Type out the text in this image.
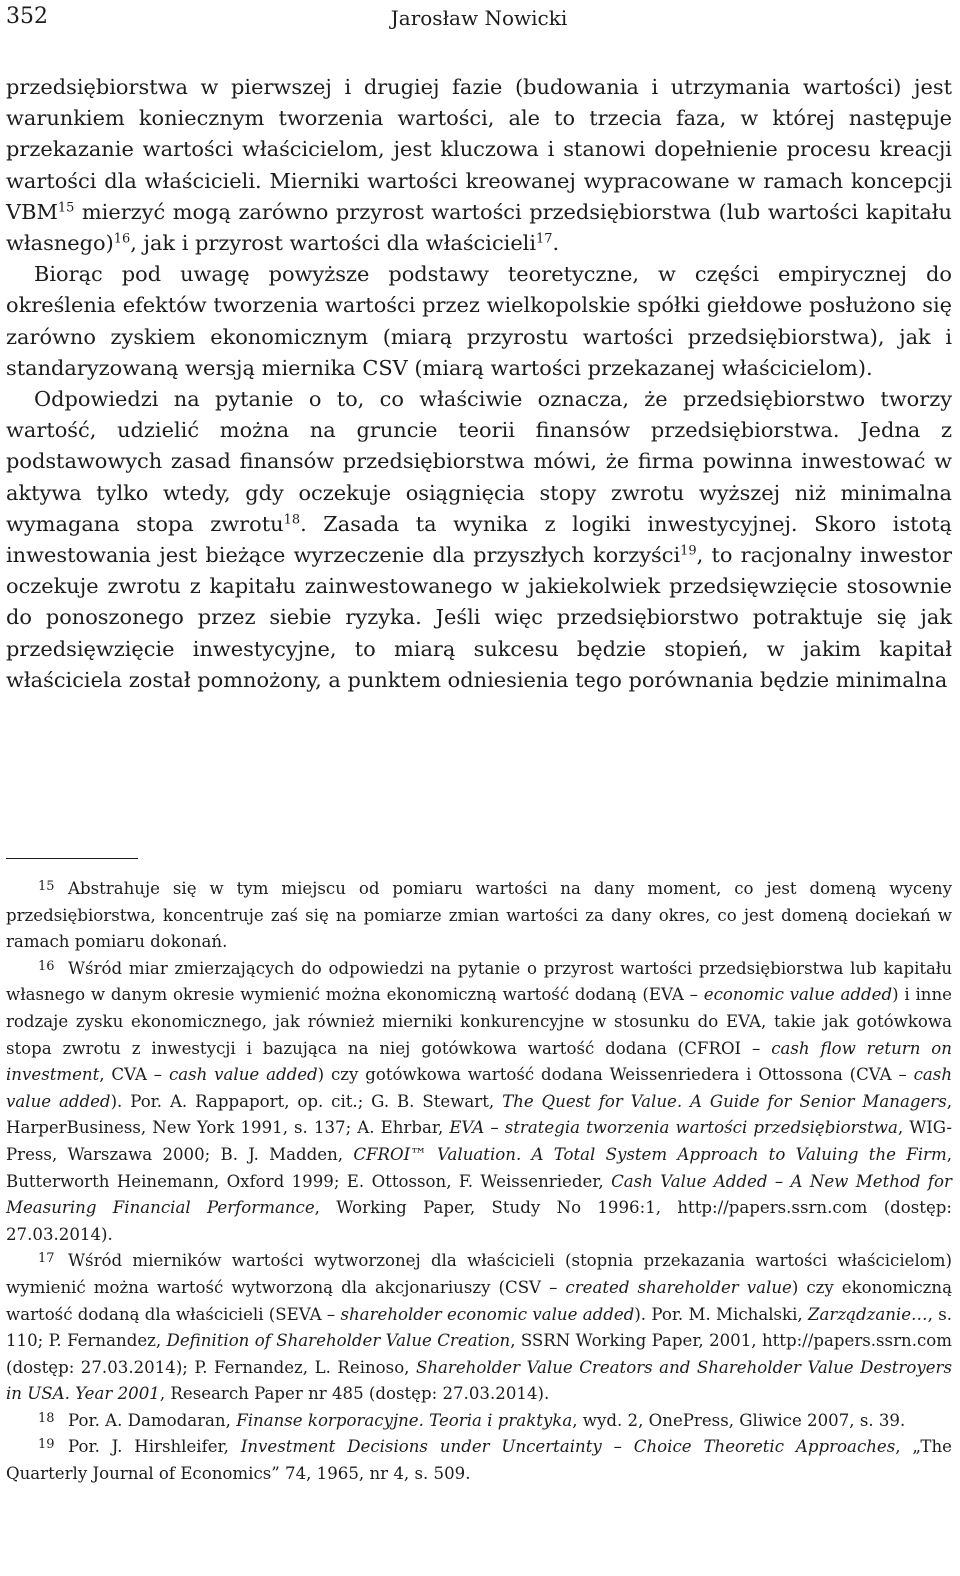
352	Jarosław Nowicki

przedsiębiorstwa w pierwszej i drugiej fazie (budowania i utrzymania wartości) jest warunkiem koniecznym tworzenia wartości, ale to trzecia faza, w której następuje przekazanie wartości właścicielom, jest kluczowa i stanowi dopełnienie procesu kreacji wartości dla właścicieli. Mierniki wartości kreowanej wypracowane w ramach koncepcji VBM$^{15}$ mierzyć mogą zarówno przyrost wartości przedsiębiorstwa (lub wartości kapitału własnego)$^{16}$, jak i przyrost wartości dla właścicieli$^{17}$.

Biorąc pod uwagę powyższe podstawy teoretyczne, w części empirycznej do określenia efektów tworzenia wartości przez wielkopolskie spółki giełdowe posłużono się zarówno zyskiem ekonomicznym (miarą przyrostu wartości przedsiębiorstwa), jak i standaryzowaną wersją miernika CSV (miarą wartości przekazanej właścicielom).

Odpowiedzi na pytanie o to, co właściwie oznacza, że przedsiębiorstwo tworzy wartość, udzielić można na gruncie teorii finansów przedsiębiorstwa. Jedna z podstawowych zasad finansów przedsiębiorstwa mówi, że firma powinna inwestować w aktywa tylko wtedy, gdy oczekuje osiągnięcia stopy zwrotu wyższej niż minimalna wymagana stopa zwrotu$^{18}$. Zasada ta wynika z logiki inwestycyjnej. Skoro istotą inwestowania jest bieżące wyrzeczenie dla przyszłych korzyści$^{19}$, to racjonalny inwestor oczekuje zwrotu z kapitału zainwestowanego w jakiekolwiek przedsięwzięcie stosownie do ponoszonego przez siebie ryzyka. Jeśli więc przedsiębiorstwo potraktuje się jak przedsięwzięcie inwestycyjne, to miarą sukcesu będzie stopień, w jakim kapitał właściciela został pomnożony, a punktem odniesienia tego porównania będzie minimalna

15 Abstrahuje się w tym miejscu od pomiaru wartości na dany moment, co jest domeną wyceny przedsiębiorstwa, koncentruje zaś się na pomiarze zmian wartości za dany okres, co jest domeną dociekań w ramach pomiaru dokonań.

16 Wśród miar zmierzających do odpowiedzi na pytanie o przyrost wartości przedsiębiorstwa lub kapitału własnego w danym okresie wymienić można ekonomiczną wartość dodaną (EVA – economic value added) i inne rodzaje zysku ekonomicznego, jak również mierniki konkurencyjne w stosunku do EVA, takie jak gotówkowa stopa zwrotu z inwestycji i bazująca na niej gotówkowa wartość dodana (CFROI – cash flow return on investment, CVA – cash value added) czy gotówkowa wartość dodana Weissenriedera i Ottossona (CVA – cash value added). Por. A. Rappaport, op. cit.; G. B. Stewart, The Quest for Value. A Guide for Senior Managers, HarperBusiness, New York 1991, s. 137; A. Ehrbar, EVA – strategia tworzenia wartości przedsiębiorstwa, WIG-Press, Warszawa 2000; B. J. Madden, CFROI™ Valuation. A Total System Approach to Valuing the Firm, Butterworth Heinemann, Oxford 1999; E. Ottosson, F. Weissenrieder, Cash Value Added – A New Method for Measuring Financial Performance, Working Paper, Study No 1996:1, http://papers.ssrn.com (dostęp: 27.03.2014).

17 Wśród mierników wartości wytworzonej dla właścicieli (stopnia przekazania wartości właścicielom) wymienić można wartość wytworzoną dla akcjonariuszy (CSV – created shareholder value) czy ekonomiczną wartość dodaną dla właścicieli (SEVA – shareholder economic value added). Por. M. Michalski, Zarządzanie…, s. 110; P. Fernandez, Definition of Shareholder Value Creation, SSRN Working Paper, 2001, http://papers.ssrn.com (dostęp: 27.03.2014); P. Fernandez, L. Reinoso, Shareholder Value Creators and Shareholder Value Destroyers in USA. Year 2001, Research Paper nr 485 (dostęp: 27.03.2014).

18 Por. A. Damodaran, Finanse korporacyjne. Teoria i praktyka, wyd. 2, OnePress, Gliwice 2007, s. 39.

19 Por. J. Hirshleifer, Investment Decisions under Uncertainty – Choice Theoretic Approaches, „The Quarterly Journal of Economics” 74, 1965, nr 4, s. 509.
